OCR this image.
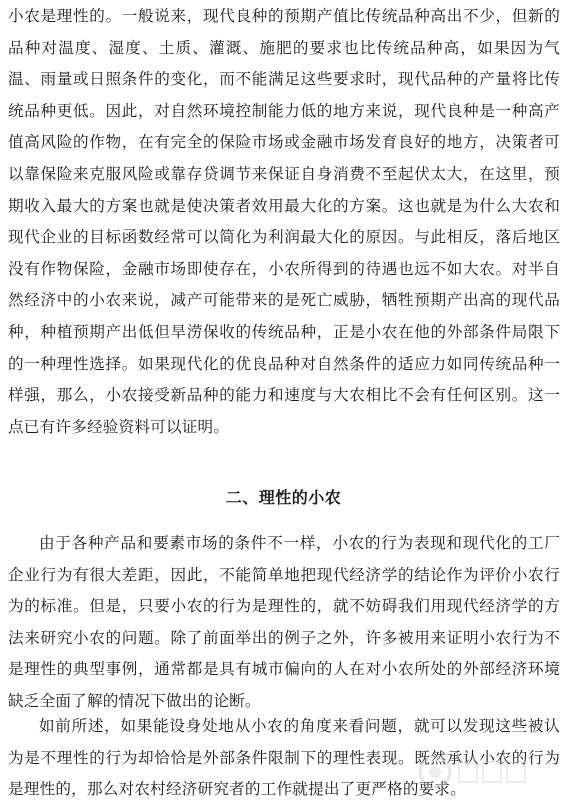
小农是理性的。一般说来，现代良种的预期产值比传统品种高出不少，但新的品种对温度、湿度、土质、灌溉、施肥的要求也比传统品种高，如果因为气温、雨量或日照条件的变化，而不能满足这些要求时，现代品种的产量将比传统品种更低。因此，对自然环境控制能力低的地方来说，现代良种是一种高产值高风险的作物，在有完全的保险市场或金融市场发育良好的地方，决策者可以靠保险来克服风险或靠存贷调节来保证自身消费不至起伏太大，在这里，预期收入最大的方案也就是使决策者效用最大化的方案。这也就是为什么大农和现代企业的目标函数经常可以简化为利润最大化的原因。与此相反，落后地区没有作物保险，金融市场即使存在，小农所得到的待遇也远不如大农。对半自然经济中的小农来说，减产可能带来的是死亡威胁，牺牲预期产出高的现代品种，种植预期产出低但旱涝保收的传统品种，正是小农在他的外部条件局限下的一种理性选择。如果现代化的优良品种对自然条件的适应力如同传统品种一样强，那么，小农接受新品种的能力和速度与大农相比不会有任何区别。这一点已有许多经验资料可以证明。

二、理性的小农

由于各种产品和要素市场的条件不一样，小农的行为表现和现代化的工厂企业行为有很大差距，因此，不能简单地把现代经济学的结论作为评价小农行为的标准。但是，只要小农的行为是理性的，就不妨碍我们用现代经济学的方法来研究小农的问题。除了前面举出的例子之外，许多被用来证明小农行为不是理性的典型事例，通常都是具有城市偏向的人在对小农所处的外部经济环境缺乏全面了解的情况下做出的论断。

如前所述，如果能设身处地从小农的角度来看问题，就可以发现这些被认为是不理性的行为却恰恰是外部条件限制下的理性表现。既然承认小农的行为是理性的，那么对农村经济研究者的工作就提出了更严格的要求。
